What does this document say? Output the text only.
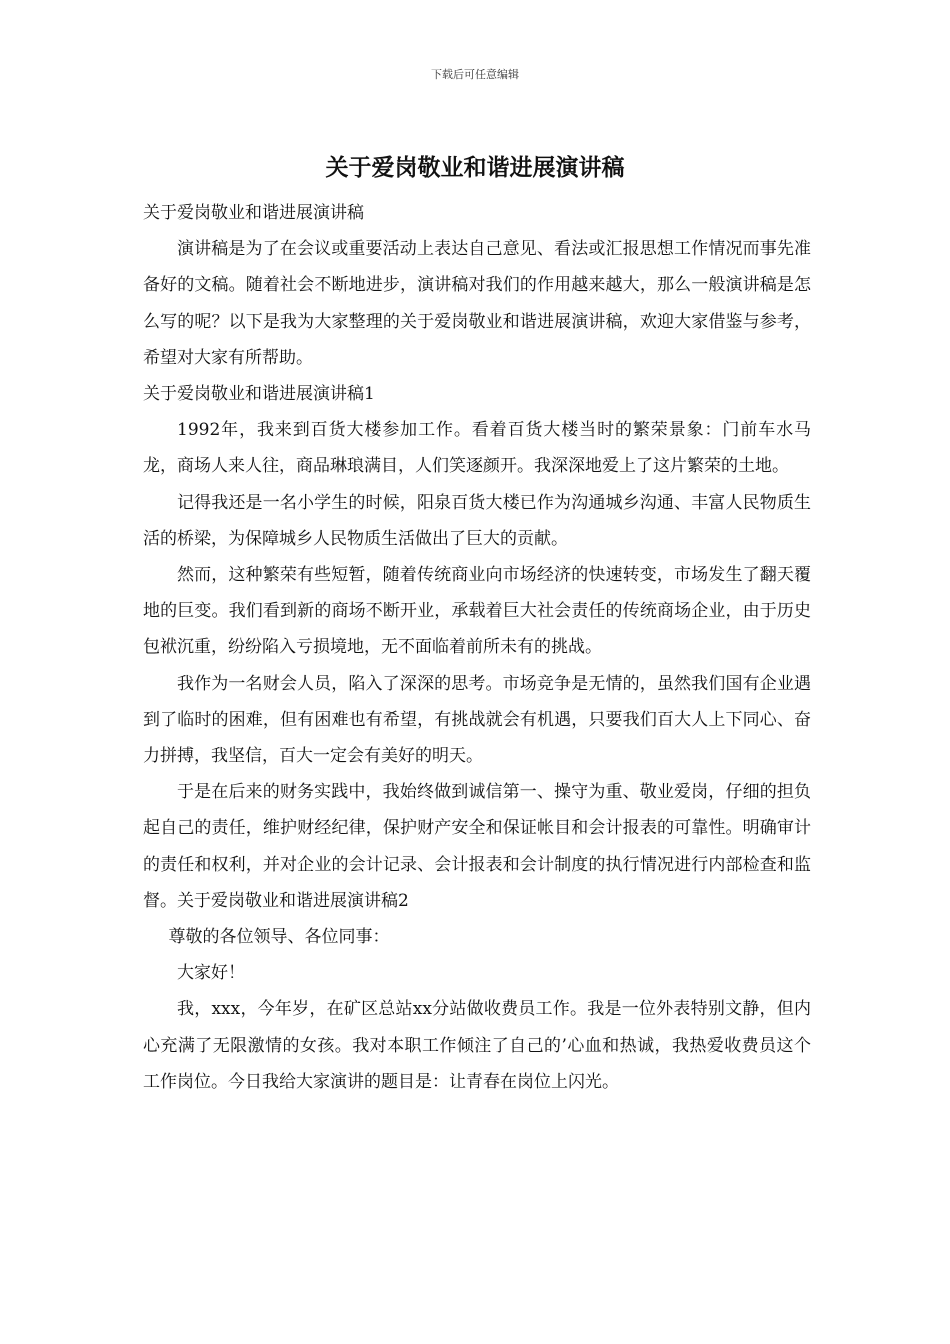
下载后可任意编辑
关于爱岗敬业和谐进展演讲稿

关于爱岗敬业和谐进展演讲稿

演讲稿是为了在会议或重要活动上表达自己意见、看法或汇报思想工作情况而事先准备好的文稿。随着社会不断地进步，演讲稿对我们的作用越来越大，那么一般演讲稿是怎么写的呢？以下是我为大家整理的关于爱岗敬业和谐进展演讲稿，欢迎大家借鉴与参考，希望对大家有所帮助。

关于爱岗敬业和谐进展演讲稿1

1992年，我来到百货大楼参加工作。看着百货大楼当时的繁荣景象：门前车水马龙，商场人来人往，商品琳琅满目，人们笑逐颜开。我深深地爱上了这片繁荣的土地。

记得我还是一名小学生的时候，阳泉百货大楼已作为沟通城乡沟通、丰富人民物质生活的桥梁，为保障城乡人民物质生活做出了巨大的贡献。

然而，这种繁荣有些短暂，随着传统商业向市场经济的快速转变，市场发生了翻天覆地的巨变。我们看到新的商场不断开业，承载着巨大社会责任的传统商场企业，由于历史包袱沉重，纷纷陷入亏损境地，无不面临着前所未有的挑战。

我作为一名财会人员，陷入了深深的思考。市场竞争是无情的，虽然我们国有企业遇到了临时的困难，但有困难也有希望，有挑战就会有机遇，只要我们百大人上下同心、奋力拼搏，我坚信，百大一定会有美好的明天。

于是在后来的财务实践中，我始终做到诚信第一、操守为重、敬业爱岗，仔细的担负起自己的责任，维护财经纪律，保护财产安全和保证帐目和会计报表的可靠性。明确审计的责任和权利，并对企业的会计记录、会计报表和会计制度的执行情况进行内部检查和监督。关于爱岗敬业和谐进展演讲稿2

尊敬的各位领导、各位同事：

大家好！

我，xxx，今年岁，在矿区总站xx分站做收费员工作。我是一位外表特别文静，但内心充满了无限激情的女孩。我对本职工作倾注了自己的’心血和热诚，我热爱收费员这个工作岗位。今日我给大家演讲的题目是：让青春在岗位上闪光。
